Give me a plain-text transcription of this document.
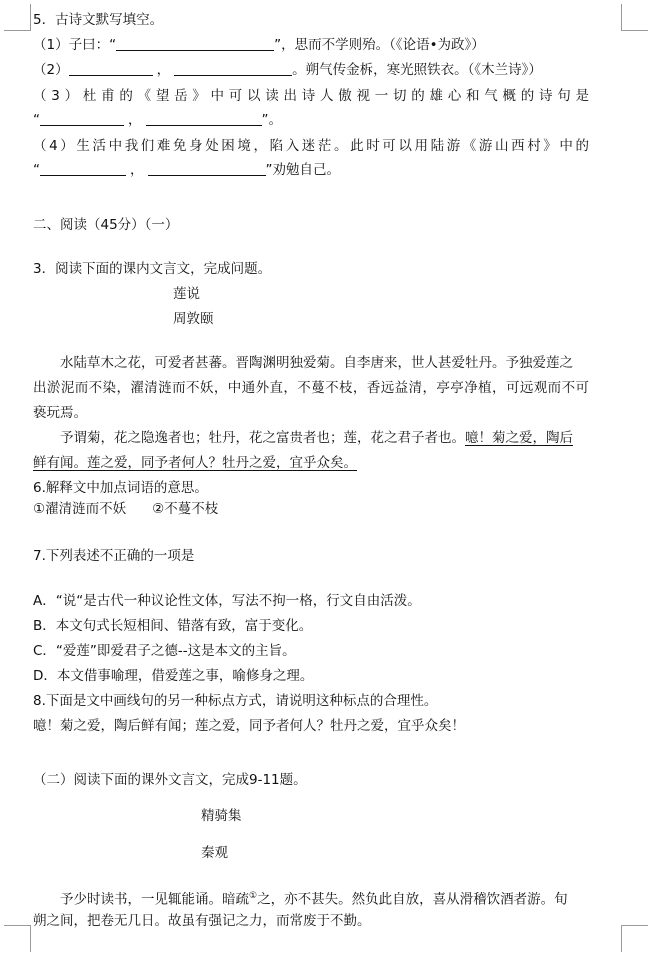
5．古诗文默写填空。
（1）子曰：“	”，思而不学则殆。（《论语•为政》）
（2）	，	。朔气传金柝，寒光照铁衣。（《木兰诗》）
（3）杜甫的《望岳》中可以读出诗人傲视一切的雄心和气概的诗句是
“	，	”。
（4）生活中我们难免身处困境，陷入迷茫。此时可以用陆游《游山西村》中的
“	，	”劝勉自己。
二、阅读（45分）（一）
3．阅读下面的课内文言文，完成问题。
莲说
周敦颐
水陆草木之花，可爱者甚蕃。晋陶渊明独爱菊。自李唐来，世人甚爱牡丹。予独爱莲之
出淤泥而不染，濯清涟而不妖，中通外直，不蔓不枝，香远益清，亭亭净植，可远观而不可
亵玩焉。
予谓菊，花之隐逸者也；牡丹，花之富贵者也；莲，花之君子者也。噫！菊之爱，陶后
鲜有闻。莲之爱，同予者何人？牡丹之爱，宜乎众矣。
6.解释文中加点词语的意思。
①濯清涟而不妖 ②不蔓不枝
7.下列表述不正确的一项是
A．“说“是古代一种议论性文体，写法不拘一格，行文自由活泼。
B．本文句式长短相间、错落有致，富于变化。
C．“爱莲”即爱君子之德--这是本文的主旨。
D．本文借事喻理，借爱莲之事，喻修身之理。
8.下面是文中画线句的另一种标点方式，请说明这种标点的合理性。
噫！菊之爱，陶后鲜有闻；莲之爱，同予者何人？牡丹之爱，宜乎众矣！
（二）阅读下面的课外文言文，完成9-11题。
精骑集
秦观
予少时读书，一见辄能诵。暗疏①之，亦不甚失。然负此自放，喜从滑稽饮酒者游。旬
朔之间，把卷无几日。故虽有强记之力，而常废于不勤。
